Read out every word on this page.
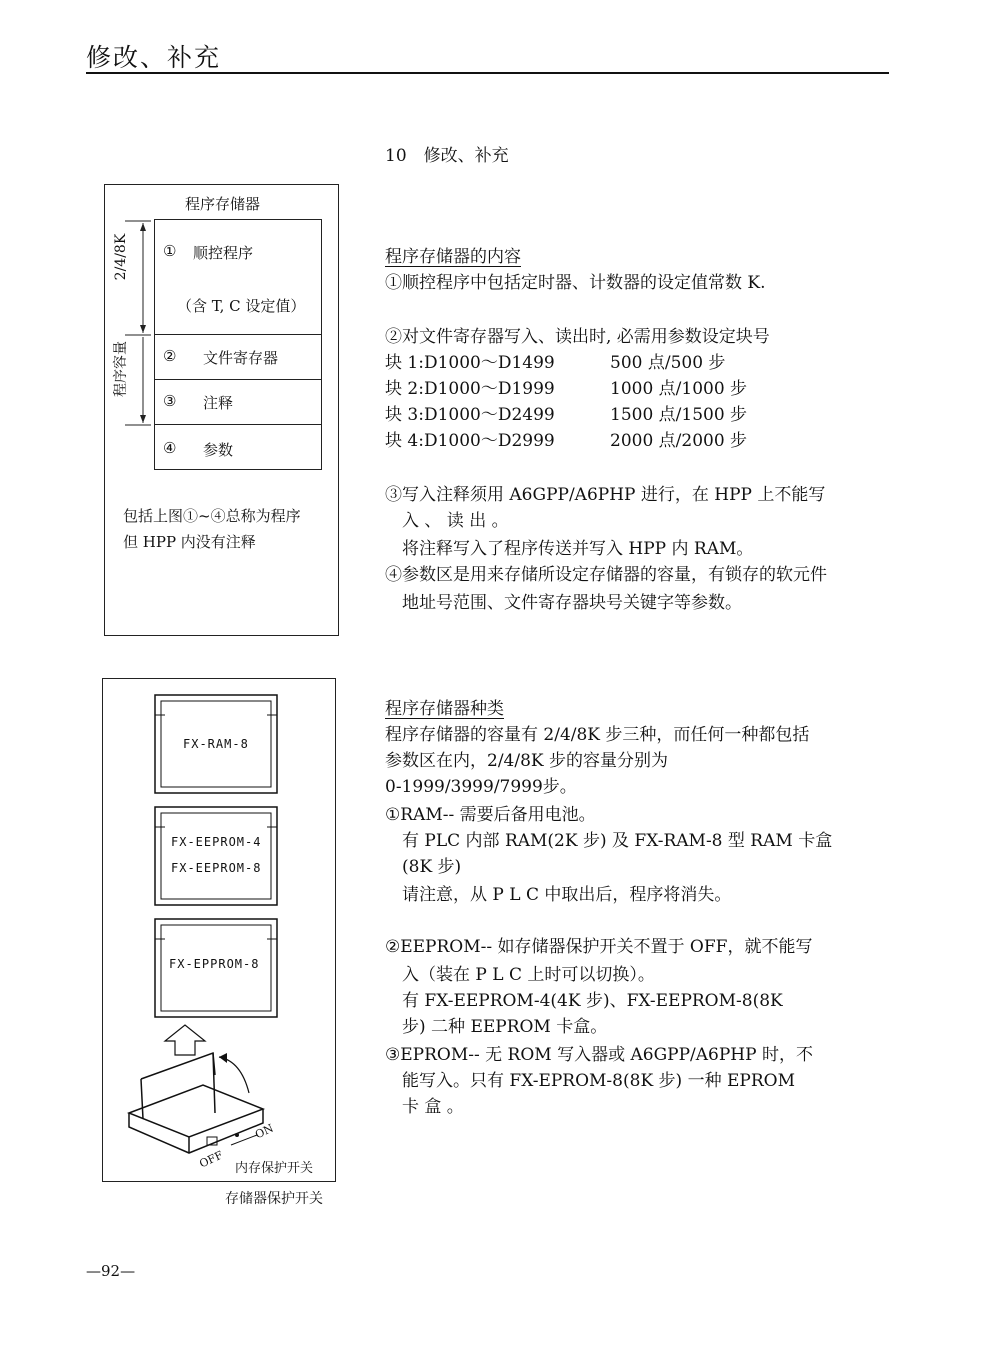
修改、补充
10　修改、补充
程序存储器
① 顺控程序
（含 T, C 设定值）
② 文件寄存器
③ 注释
④ 参数
2/4/8K
程序容量
包括上图①~④总称为程序
但 HPP 内没有注释
程序存储器的内容
①顺控程序中包括定时器、计数器的设定值常数 K.
②对文件寄存器写入、读出时, 必需用参数设定块号
块 1:D1000～D1499	500 点/500 步
块 2:D1000～D1999	1000 点/1000 步
块 3:D1000～D2499	1500 点/1500 步
块 4:D1000～D2999	2000 点/2000 步
③写入注释须用 A6GPP/A6PHP 进行，在 HPP 上不能写
　入 、 读 出 。
　将注释写入了程序传送并写入 HPP 内 RAM。
④参数区是用来存储所设定存储器的容量，有锁存的软元件
　地址号范围、文件寄存器块号关键字等参数。
FX-RAM-8
FX-EEPROM-4
FX-EEPROM-8
FX-EPPROM-8
OFF
ON
内存保护开关
存储器保护开关
程序存储器种类
程序存储器的容量有 2/4/8K 步三种，而任何一种都包括
参数区在内，2/4/8K 步的容量分别为
0-1999/3999/7999步。
①RAM-- 需要后备用电池。
　有 PLC 内部 RAM(2K 步) 及 FX-RAM-8 型 RAM 卡盒
　(8K 步)
　请注意，从 P L C 中取出后，程序将消失。
②EEPROM-- 如存储器保护开关不置于 OFF，就不能写
　入（装在 P L C 上时可以切换）。
　有 FX-EEPROM-4(4K 步)、FX-EEPROM-8(8K
　步) 二种 EEPROM 卡盒。
③EPROM-- 无 ROM 写入器或 A6GPP/A6PHP 时，不
　能写入。只有 FX-EPROM-8(8K 步) 一种 EPROM
　卡 盒 。
—92—
